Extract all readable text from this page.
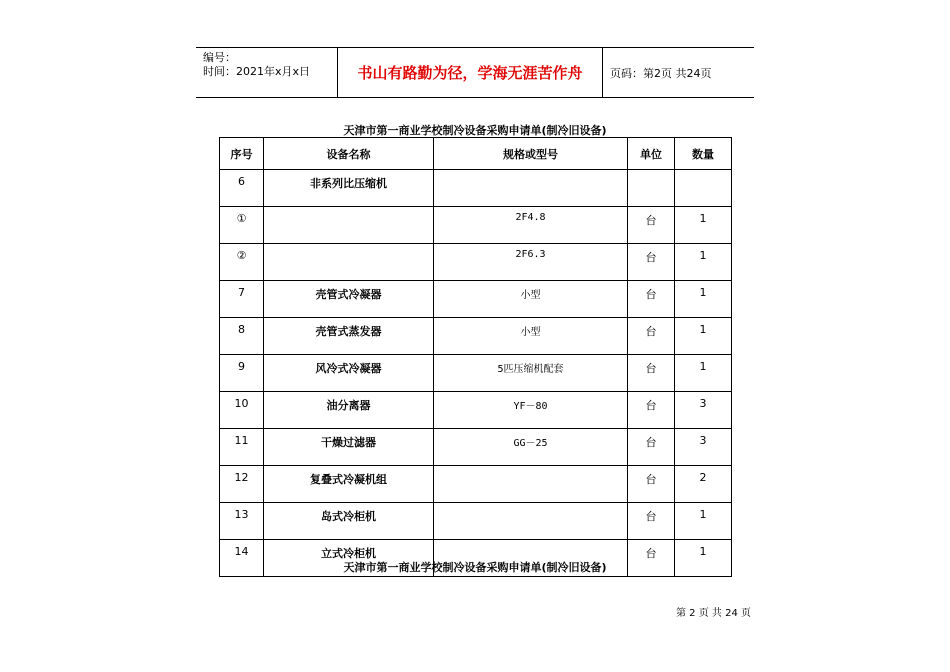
编号：
时间：2021年x月x日	书山有路勤为径，学海无涯苦作舟	页码：第2页 共24页
天津市第一商业学校制冷设备采购申请单(制冷旧设备)
序号	设备名称	规格或型号	单位	数量
6	非系列比压缩机			
①		2F4.8	台	1
②		2F6.3	台	1
7	壳管式冷凝器	小型	台	1
8	壳管式蒸发器	小型	台	1
9	风冷式冷凝器	5匹压缩机配套	台	1
10	油分离器	YF－80	台	3
11	干燥过滤器	GG－25	台	3
12	复叠式冷凝机组		台	2
13	岛式冷柜机		台	1
14	立式冷柜机		台	1
天津市第一商业学校制冷设备采购申请单(制冷旧设备)
第 2 页 共 24 页
